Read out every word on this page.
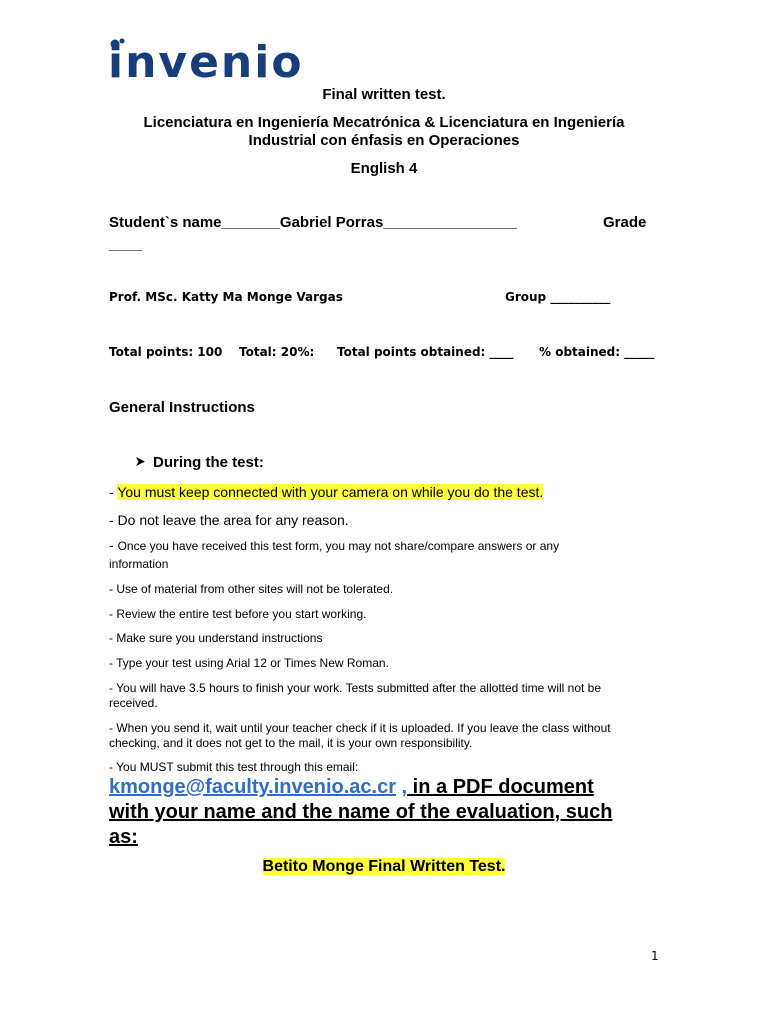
invenio
Final written test.
Licenciatura en Ingeniería Mecatrónica & Licenciatura en Ingeniería
Industrial con énfasis en Operaciones
English 4
Student`s name_______Gabriel Porras________________	Grade
____
Prof. MSc. Katty Ma Monge Vargas	Group __________
Total points: 100 Total: 20%: Total points obtained: ____ % obtained: _____
General Instructions
During the test:
- You must keep connected with your camera on while you do the test.
- Do not leave the area for any reason.
- Once you have received this test form, you may not share/compare answers or any
information
- Use of material from other sites will not be tolerated.
- Review the entire test before you start working.
- Make sure you understand instructions
- Type your test using Arial 12 or Times New Roman.
- You will have 3.5 hours to finish your work. Tests submitted after the allotted time will not be
received.
- When you send it, wait until your teacher check if it is uploaded. If you leave the class without
checking, and it does not get to the mail, it is your own responsibility.
- You MUST submit this test through this email:
kmonge@faculty.invenio.ac.cr , in a PDF document
with your name and the name of the evaluation, such
as:
Betito Monge Final Written Test.
1
